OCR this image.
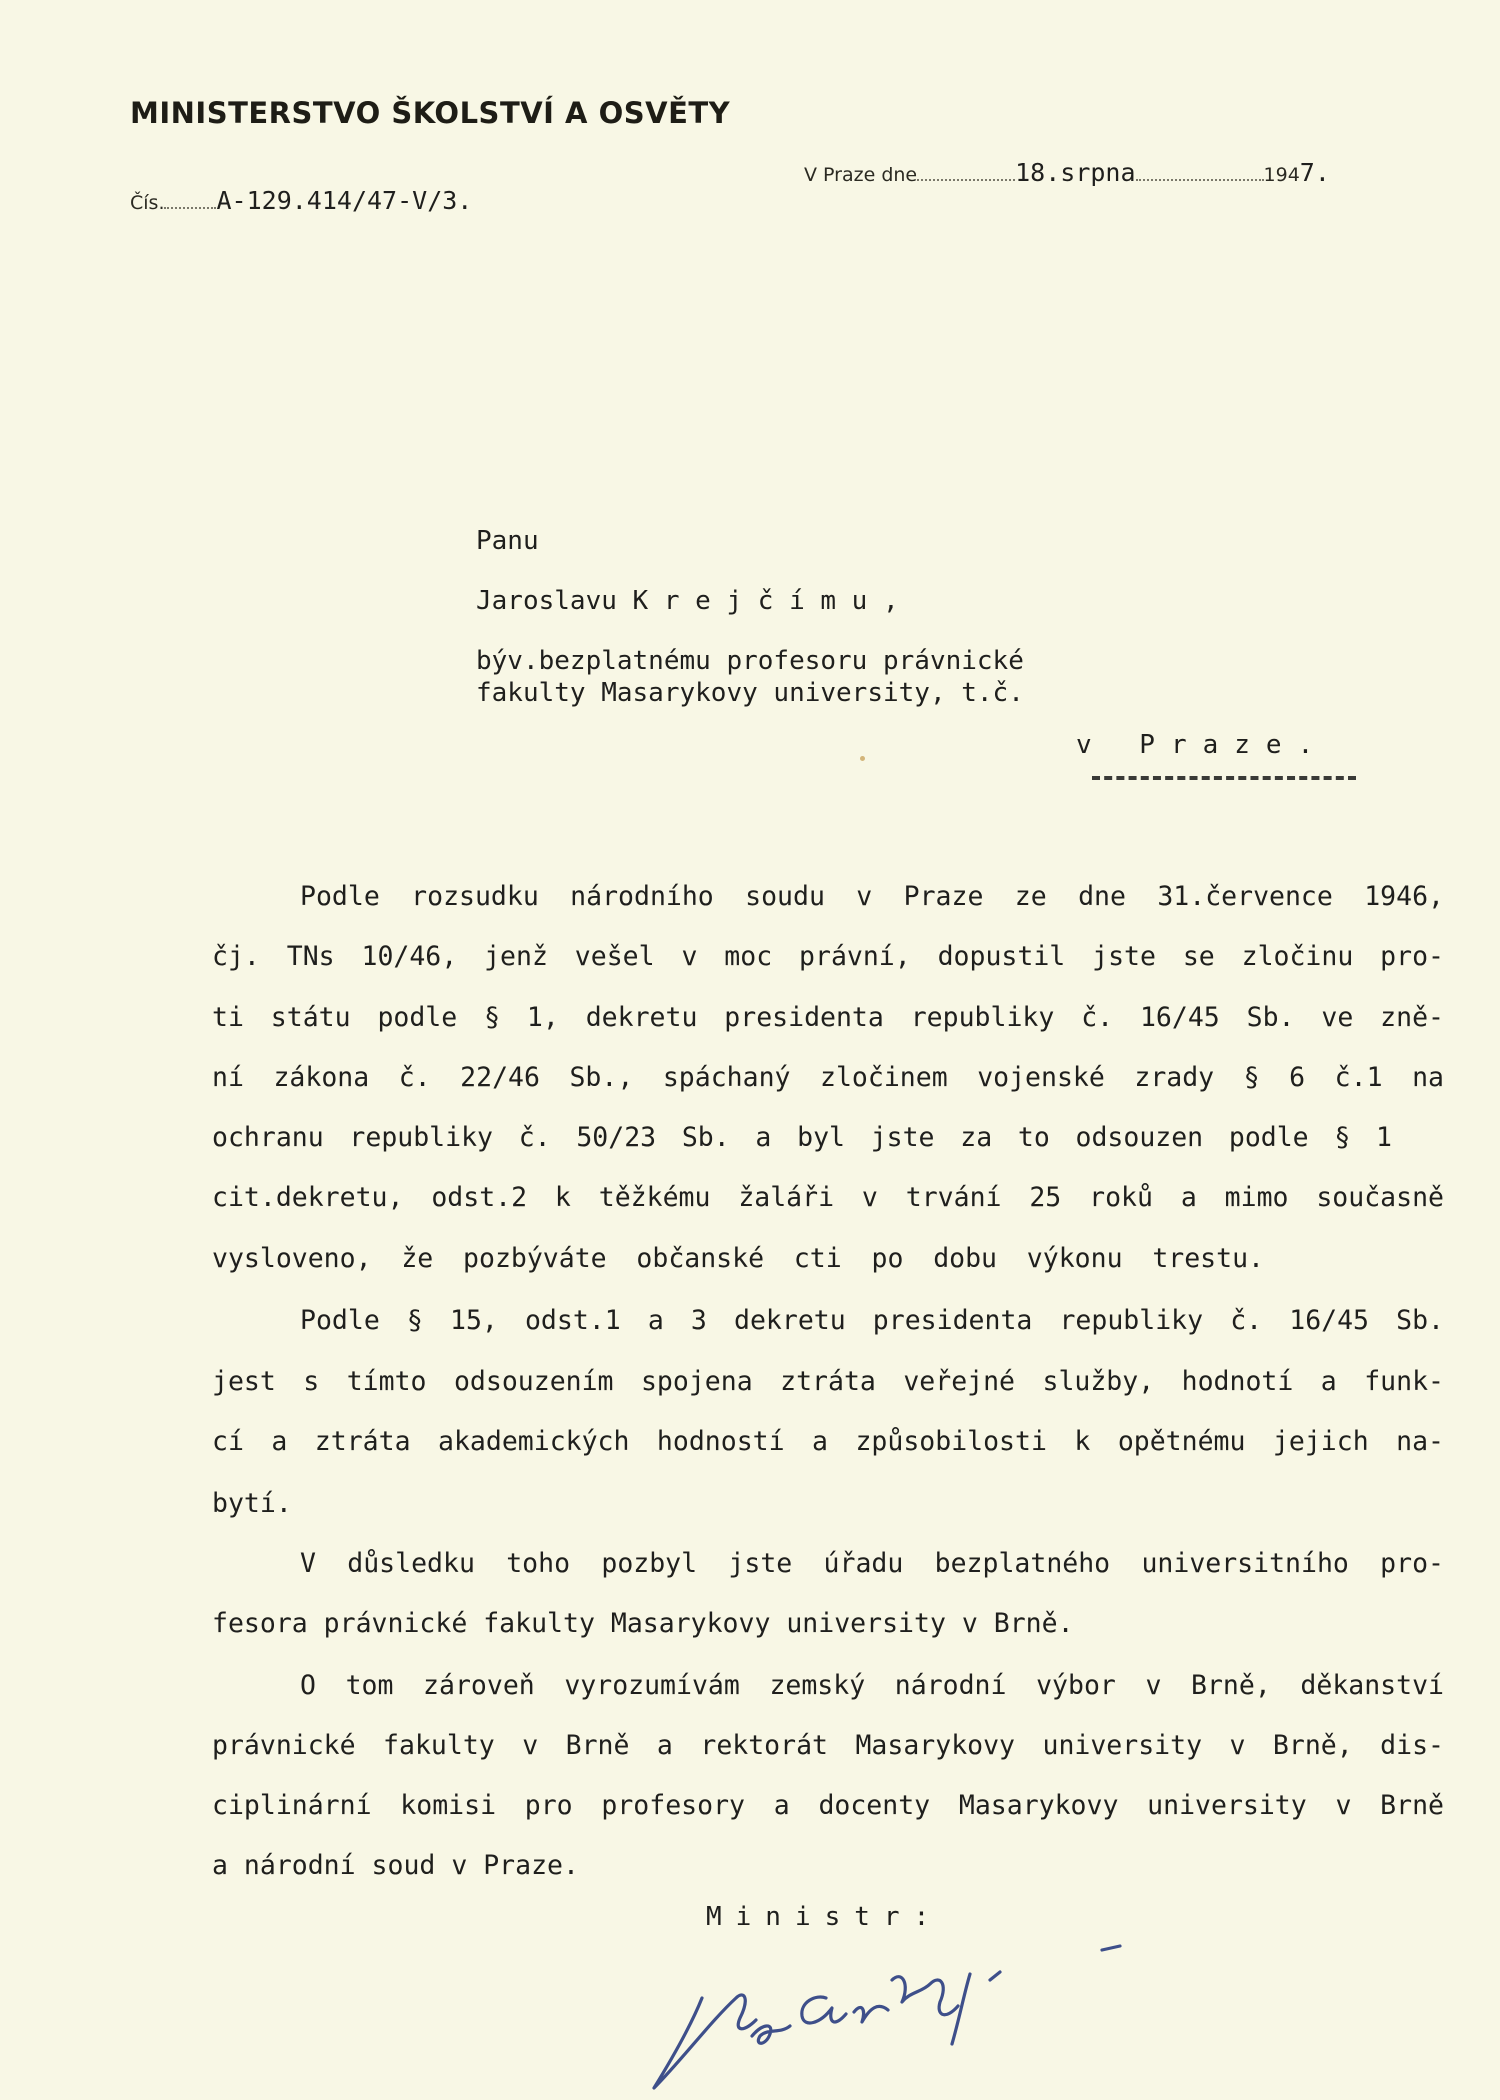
MINISTERSTVO ŠKOLSTVÍ A OSVĚTY
Čís. A-129.414/47-V/3.
V Praze dne	18.srpna	1947.
Panu
Jaroslavu K r e j č í m u ,
býv.bezplatnému profesoru právnické
fakulty Masarykovy university, t.č.
v Praze.
Podle rozsudku národního soudu v Praze ze dne 31.července 1946,
čj. TNs 10/46, jenž vešel v moc právní, dopustil jste se zločinu pro-
ti státu podle § 1, dekretu presidenta republiky č. 16/45 Sb. ve zně-
ní zákona č. 22/46 Sb., spáchaný zločinem vojenské zrady § 6 č.1 na
ochranu republiky č. 50/23 Sb. a byl jste za to odsouzen podle § 1
cit.dekretu, odst.2 k těžkému žaláři v trvání 25 roků a mimo současně
vysloveno, že pozbýváte občanské cti po dobu výkonu trestu.
Podle § 15, odst.1 a 3 dekretu presidenta republiky č. 16/45 Sb.
jest s tímto odsouzením spojena ztráta veřejné služby, hodnotí a funk-
cí a ztráta akademických hodností a způsobilosti k opětnému jejich na-
bytí.
V důsledku toho pozbyl jste úřadu bezplatného universitního pro-
fesora právnické fakulty Masarykovy university v Brně.
O tom zároveň vyrozumívám zemský národní výbor v Brně, děkanství
právnické fakulty v Brně a rektorát Masarykovy university v Brně, dis-
ciplinární komisi pro profesory a docenty Masarykovy university v Brně
a národní soud v Praze.
Ministr:
